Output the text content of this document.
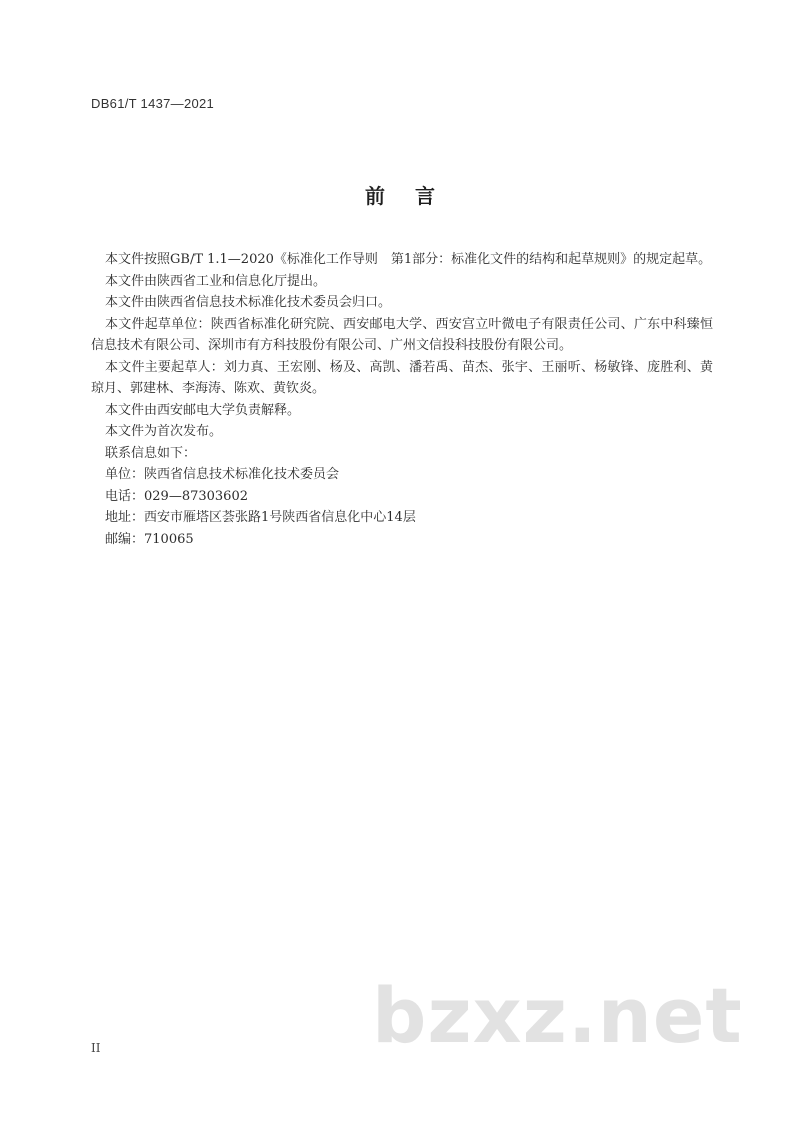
DB61/T 1437—2021
前言

本文件按照GB/T 1.1—2020《标准化工作导则　第1部分：标准化文件的结构和起草规则》的规定起草。

本文件由陕西省工业和信息化厅提出。

本文件由陕西省信息技术标准化技术委员会归口。

本文件起草单位：陕西省标准化研究院、西安邮电大学、西安宫立叶微电子有限责任公司、广东中科臻恒信息技术有限公司、深圳市有方科技股份有限公司、广州文信投科技股份有限公司。

本文件主要起草人：刘力真、王宏刚、杨及、高凯、潘若禹、苗杰、张宇、王丽听、杨敏锋、庞胜利、黄琼月、郭建林、李海涛、陈欢、黄钦炎。

本文件由西安邮电大学负责解释。

本文件为首次发布。

联系信息如下：
单位：陕西省信息技术标准化技术委员会
电话：029—87303602
地址：西安市雁塔区荟张路1号陕西省信息化中心14层
邮编：710065
bzxz.net
II
